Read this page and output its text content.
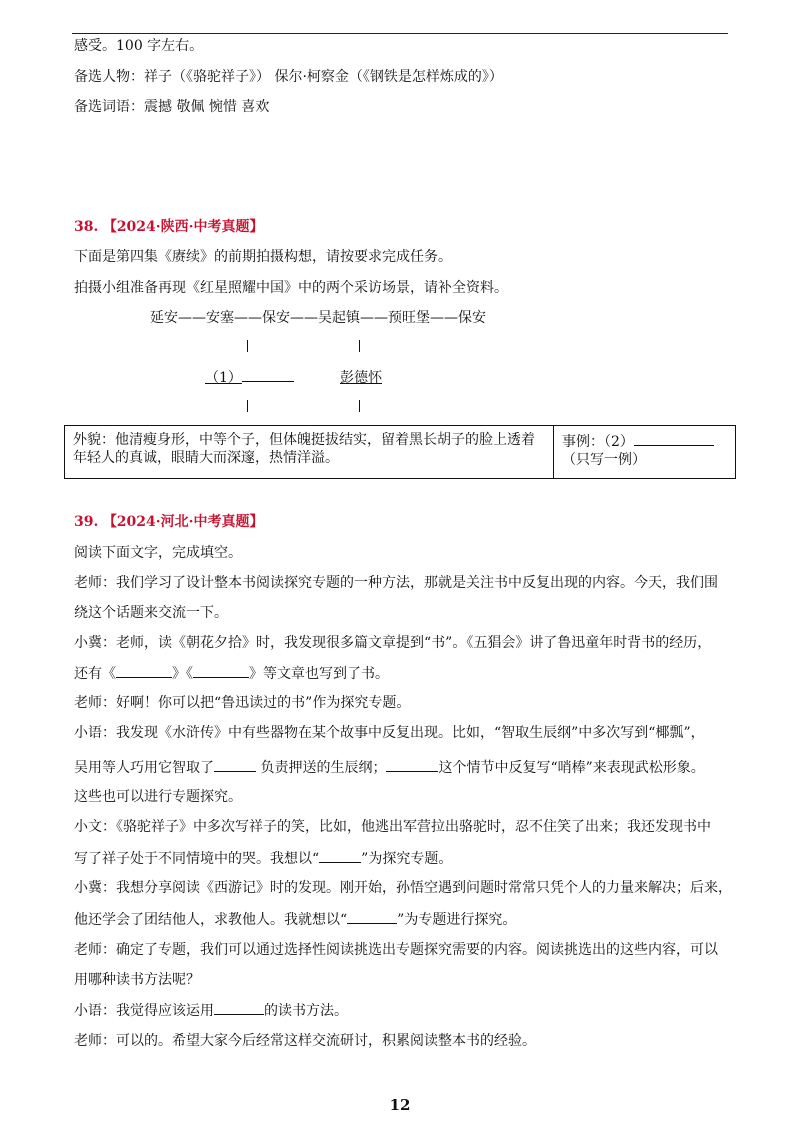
感受。100 字左右。
备选人物：祥子（《骆驼祥子》） 保尔·柯察金（《钢铁是怎样炼成的》）
备选词语：震撼 敬佩 惋惜 喜欢
38. 【2024·陕西·中考真题】
下面是第四集《赓续》的前期拍摄构想，请按要求完成任务。
拍摄小组准备再现《红星照耀中国》中的两个采访场景，请补全资料。
延安——安塞——保安——吴起镇——预旺堡——保安
（1）	彭德怀
外貌：他清瘦身形，中等个子，但体魄挺拔结实，留着黑长胡子的脸上透着年轻人的真诚，眼睛大而深邃，热情洋溢。	事例：（2）
（只写一例）
39. 【2024·河北·中考真题】
阅读下面文字，完成填空。
老师：我们学习了设计整本书阅读探究专题的一种方法，那就是关注书中反复出现的内容。今天，我们围
绕这个话题来交流一下。
小冀：老师，读《朝花夕拾》时，我发现很多篇文章提到“书”。《五猖会》讲了鲁迅童年时背书的经历，
还有《	》《	》等文章也写到了书。
老师：好啊！你可以把“鲁迅读过的书”作为探究专题。
小语：我发现《水浒传》中有些器物在某个故事中反复出现。比如，“智取生辰纲”中多次写到“椰瓢”，
吴用等人巧用它智取了	负责押送的生辰纲；	这个情节中反复写“哨棒”来表现武松形象。
这些也可以进行专题探究。
小文：《骆驼祥子》中多次写祥子的笑，比如，他逃出军营拉出骆驼时，忍不住笑了出来；我还发现书中
写了祥子处于不同情境中的哭。我想以“	”为探究专题。
小冀：我想分享阅读《西游记》时的发现。刚开始，孙悟空遇到问题时常常只凭个人的力量来解决；后来，
他还学会了团结他人，求教他人。我就想以“	”为专题进行探究。
老师：确定了专题，我们可以通过选择性阅读挑选出专题探究需要的内容。阅读挑选出的这些内容，可以
用哪种读书方法呢？
小语：我觉得应该运用	的读书方法。
老师：可以的。希望大家今后经常这样交流研讨，积累阅读整本书的经验。
12
